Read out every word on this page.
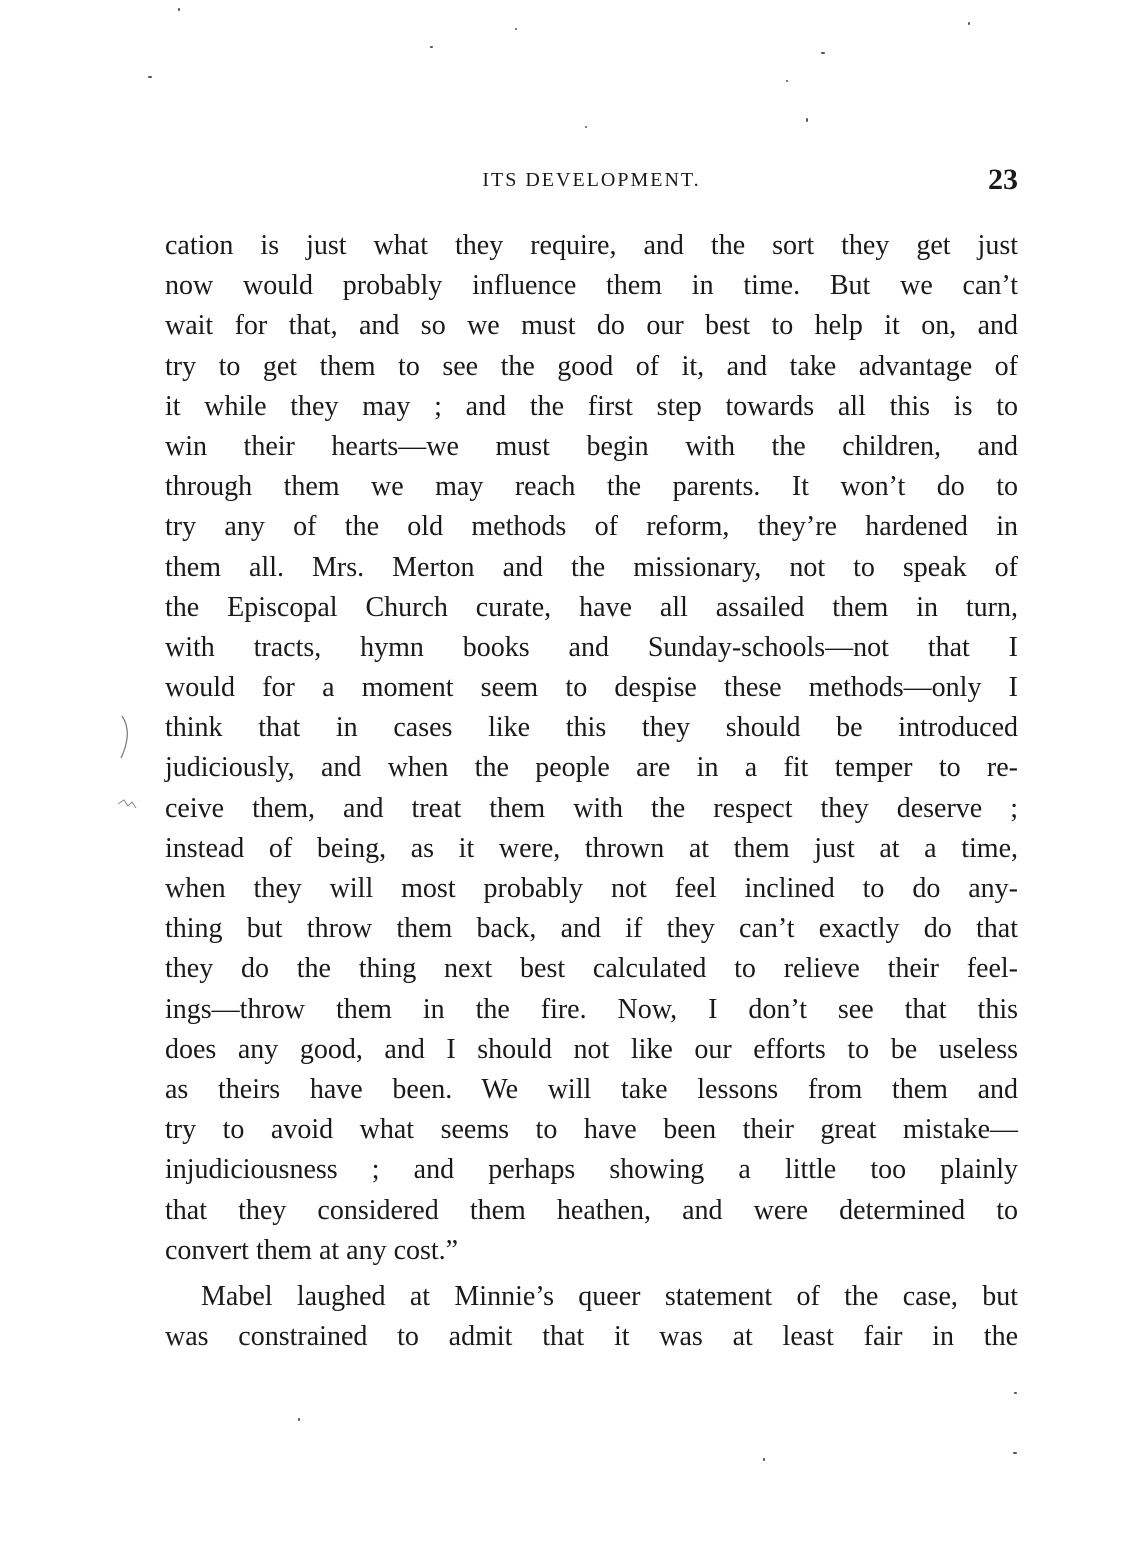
ITS DEVELOPMENT.	23
cation is just what they require, and the sort they get just
now would probably influence them in time. But we can’t
wait for that, and so we must do our best to help it on, and
try to get them to see the good of it, and take advantage of
it while they may ; and the first step towards all this is to
win their hearts—we must begin with the children, and
through them we may reach the parents. It won’t do to
try any of the old methods of reform, they’re hardened in
them all. Mrs. Merton and the missionary, not to speak of
the Episcopal Church curate, have all assailed them in turn,
with tracts, hymn books and Sunday-schools—not that I
would for a moment seem to despise these methods—only I
think that in cases like this they should be introduced
judiciously, and when the people are in a fit temper to re-
ceive them, and treat them with the respect they deserve ;
instead of being, as it were, thrown at them just at a time,
when they will most probably not feel inclined to do any-
thing but throw them back, and if they can’t exactly do that
they do the thing next best calculated to relieve their feel-
ings—throw them in the fire. Now, I don’t see that this
does any good, and I should not like our efforts to be useless
as theirs have been. We will take lessons from them and
try to avoid what seems to have been their great mistake—
injudiciousness ; and perhaps showing a little too plainly
that they considered them heathen, and were determined to
convert them at any cost.”
Mabel laughed at Minnie’s queer statement of the case, but
was constrained to admit that it was at least fair in the
